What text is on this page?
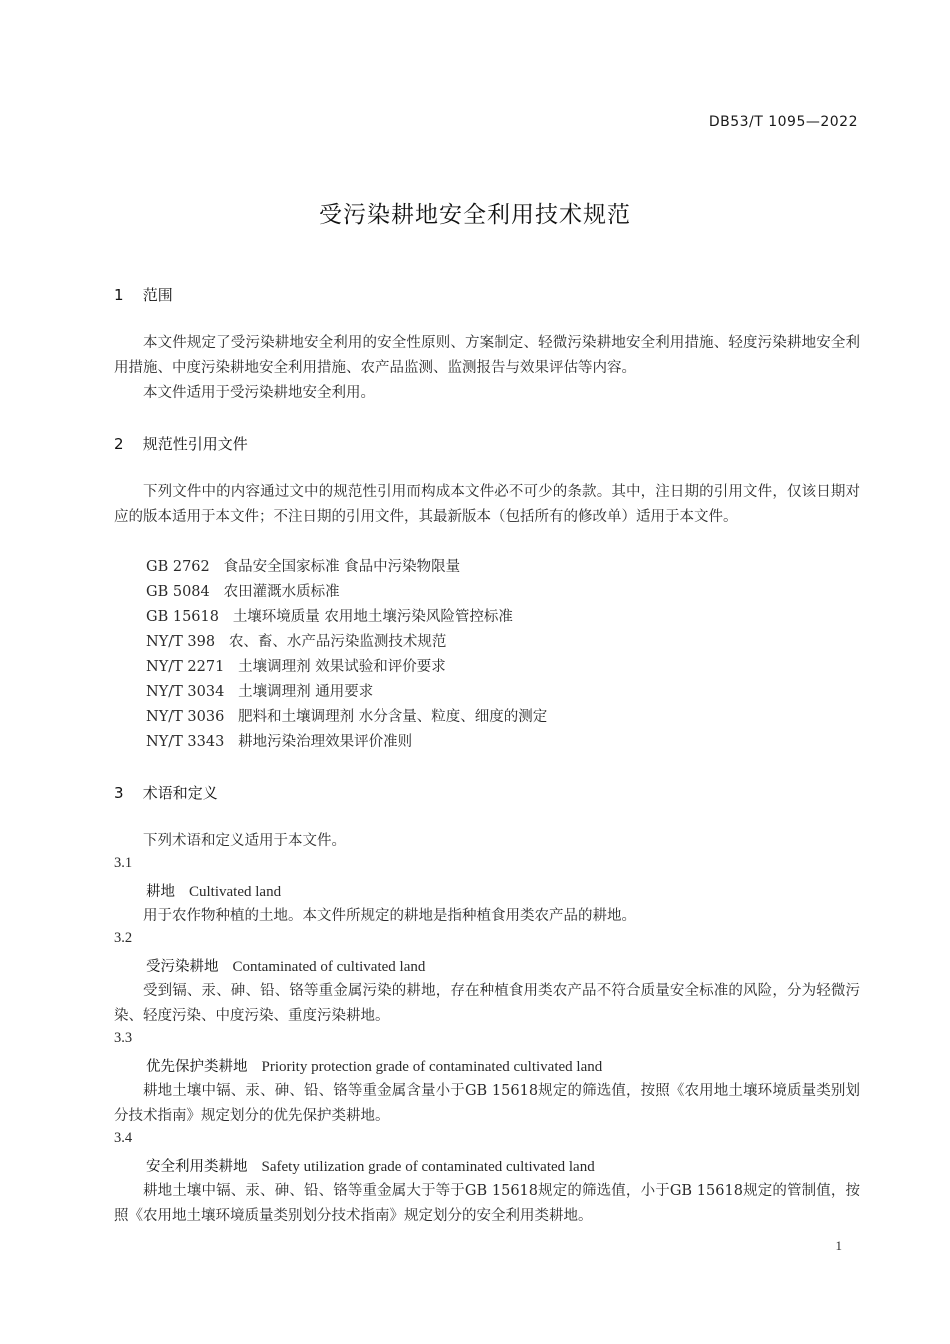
DB53/T 1095—2022
受污染耕地安全利用技术规范
1 范围
本文件规定了受污染耕地安全利用的安全性原则、方案制定、轻微污染耕地安全利用措施、轻度污染耕地安全利用措施、中度污染耕地安全利用措施、农产品监测、监测报告与效果评估等内容。
本文件适用于受污染耕地安全利用。
2 规范性引用文件
下列文件中的内容通过文中的规范性引用而构成本文件必不可少的条款。其中，注日期的引用文件，仅该日期对应的版本适用于本文件；不注日期的引用文件，其最新版本（包括所有的修改单）适用于本文件。
GB 2762 食品安全国家标准 食品中污染物限量
GB 5084 农田灌溉水质标准
GB 15618 土壤环境质量 农用地土壤污染风险管控标准
NY/T 398 农、畜、水产品污染监测技术规范
NY/T 2271 土壤调理剂 效果试验和评价要求
NY/T 3034 土壤调理剂 通用要求
NY/T 3036 肥料和土壤调理剂 水分含量、粒度、细度的测定
NY/T 3343 耕地污染治理效果评价准则
3 术语和定义
下列术语和定义适用于本文件。
3.1
耕地 Cultivated land
用于农作物种植的土地。本文件所规定的耕地是指种植食用类农产品的耕地。
3.2
受污染耕地 Contaminated of cultivated land
受到镉、汞、砷、铅、铬等重金属污染的耕地，存在种植食用类农产品不符合质量安全标准的风险，分为轻微污染、轻度污染、中度污染、重度污染耕地。
3.3
优先保护类耕地 Priority protection grade of contaminated cultivated land
耕地土壤中镉、汞、砷、铅、铬等重金属含量小于GB 15618规定的筛选值，按照《农用地土壤环境质量类别划分技术指南》规定划分的优先保护类耕地。
3.4
安全利用类耕地 Safety utilization grade of contaminated cultivated land
耕地土壤中镉、汞、砷、铅、铬等重金属大于等于GB 15618规定的筛选值，小于GB 15618规定的管制值，按照《农用地土壤环境质量类别划分技术指南》规定划分的安全利用类耕地。
1
